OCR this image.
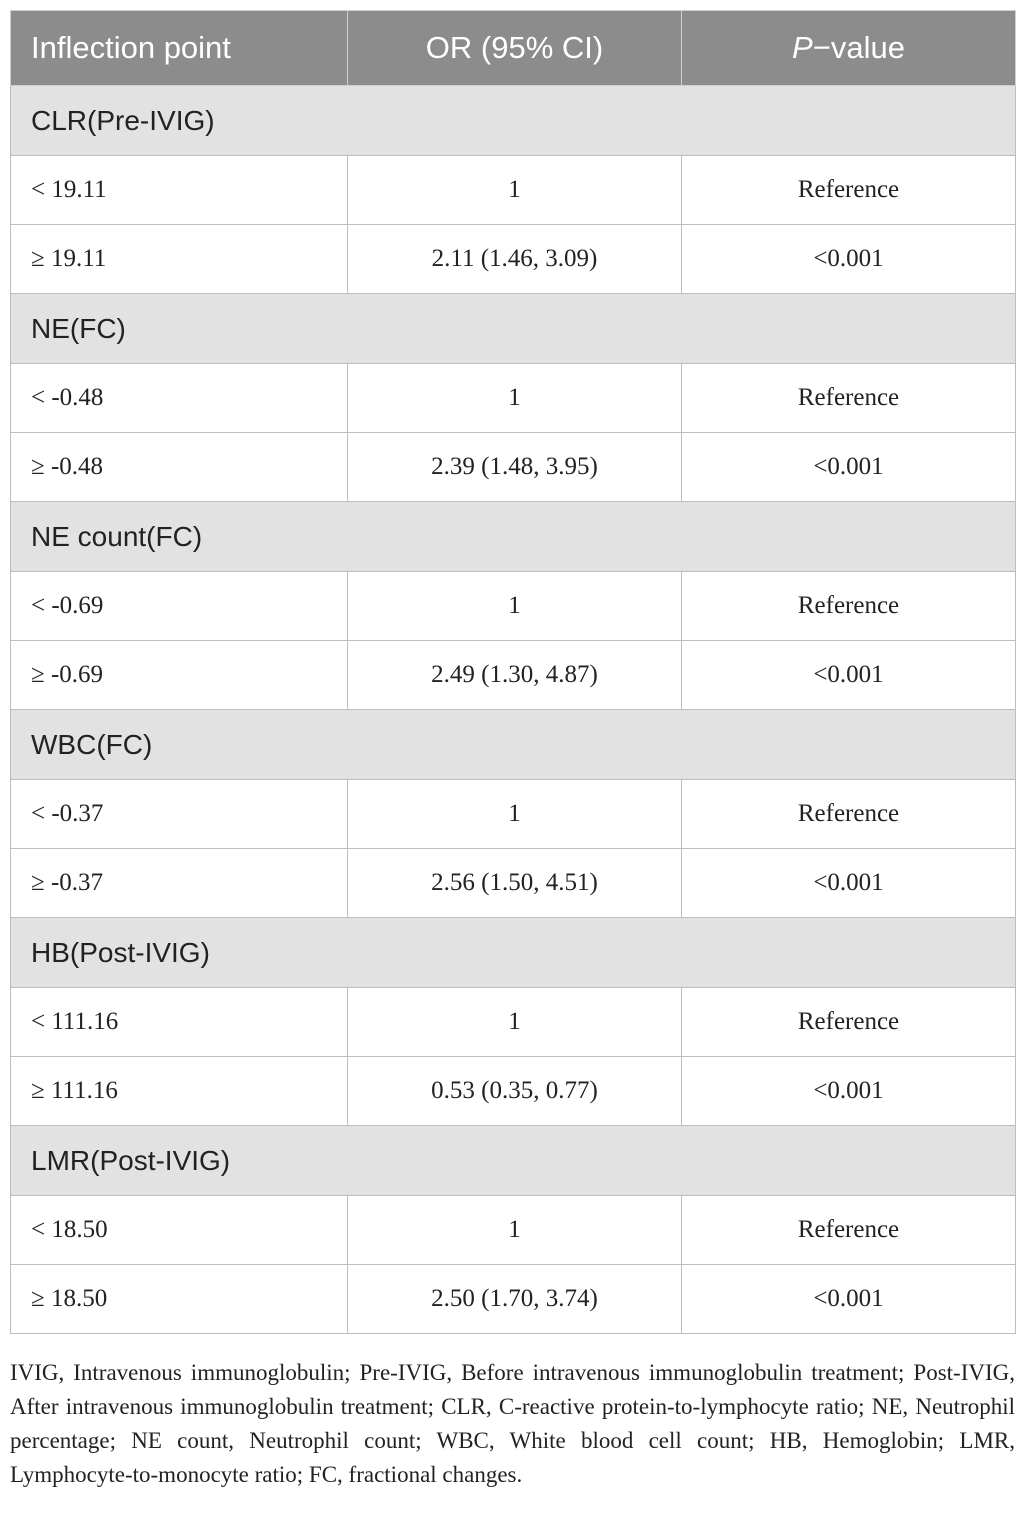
Inflection point	OR (95% CI)	P−value
CLR(Pre-IVIG)		
< 19.11	1	Reference
≥ 19.11	2.11 (1.46, 3.09)	<0.001
NE(FC)		
< -0.48	1	Reference
≥ -0.48	2.39 (1.48, 3.95)	<0.001
NE count(FC)		
< -0.69	1	Reference
≥ -0.69	2.49 (1.30, 4.87)	<0.001
WBC(FC)		
< -0.37	1	Reference
≥ -0.37	2.56 (1.50, 4.51)	<0.001
HB(Post-IVIG)		
< 111.16	1	Reference
≥ 111.16	0.53 (0.35, 0.77)	<0.001
LMR(Post-IVIG)		
< 18.50	1	Reference
≥ 18.50	2.50 (1.70, 3.74)	<0.001
IVIG, Intravenous immunoglobulin; Pre-IVIG, Before intravenous immunoglobulin treatment; Post-IVIG, After intravenous immunoglobulin treatment; CLR, C-reactive protein-to-lymphocyte ratio; NE, Neutrophil percentage; NE count, Neutrophil count; WBC, White blood cell count; HB, Hemoglobin; LMR, Lymphocyte-to-monocyte ratio; FC, fractional changes.
